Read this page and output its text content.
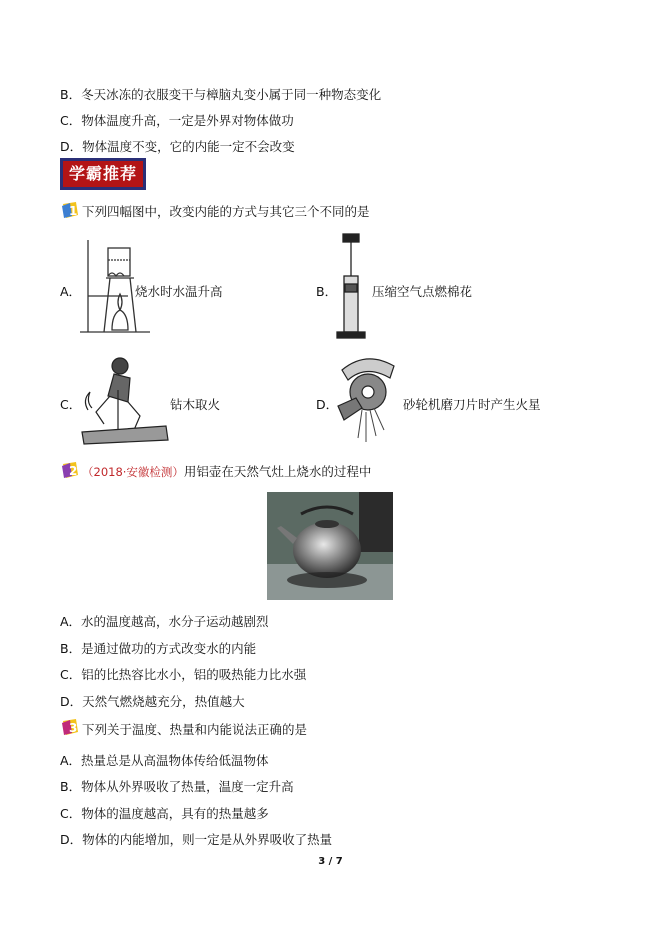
B．冬天冰冻的衣服变干与樟脑丸变小属于同一种物态变化
C．物体温度升高，一定是外界对物体做功
D．物体温度不变，它的内能一定不会改变
学霸推荐
1 下列四幅图中，改变内能的方式与其它三个不同的是
A．	烧水时水温升高	B．	压缩空气点燃棉花
C．	钻木取火	D．	砂轮机磨刀片时产生火星
2 （2018·安徽检测）用铝壶在天然气灶上烧水的过程中
A．水的温度越高，水分子运动越剧烈
B．是通过做功的方式改变水的内能
C．铝的比热容比水小，铝的吸热能力比水强
D．天然气燃烧越充分，热值越大
3 下列关于温度、热量和内能说法正确的是
A．热量总是从高温物体传给低温物体
B．物体从外界吸收了热量，温度一定升高
C．物体的温度越高，具有的热量越多
D．物体的内能增加，则一定是从外界吸收了热量
3 / 7
